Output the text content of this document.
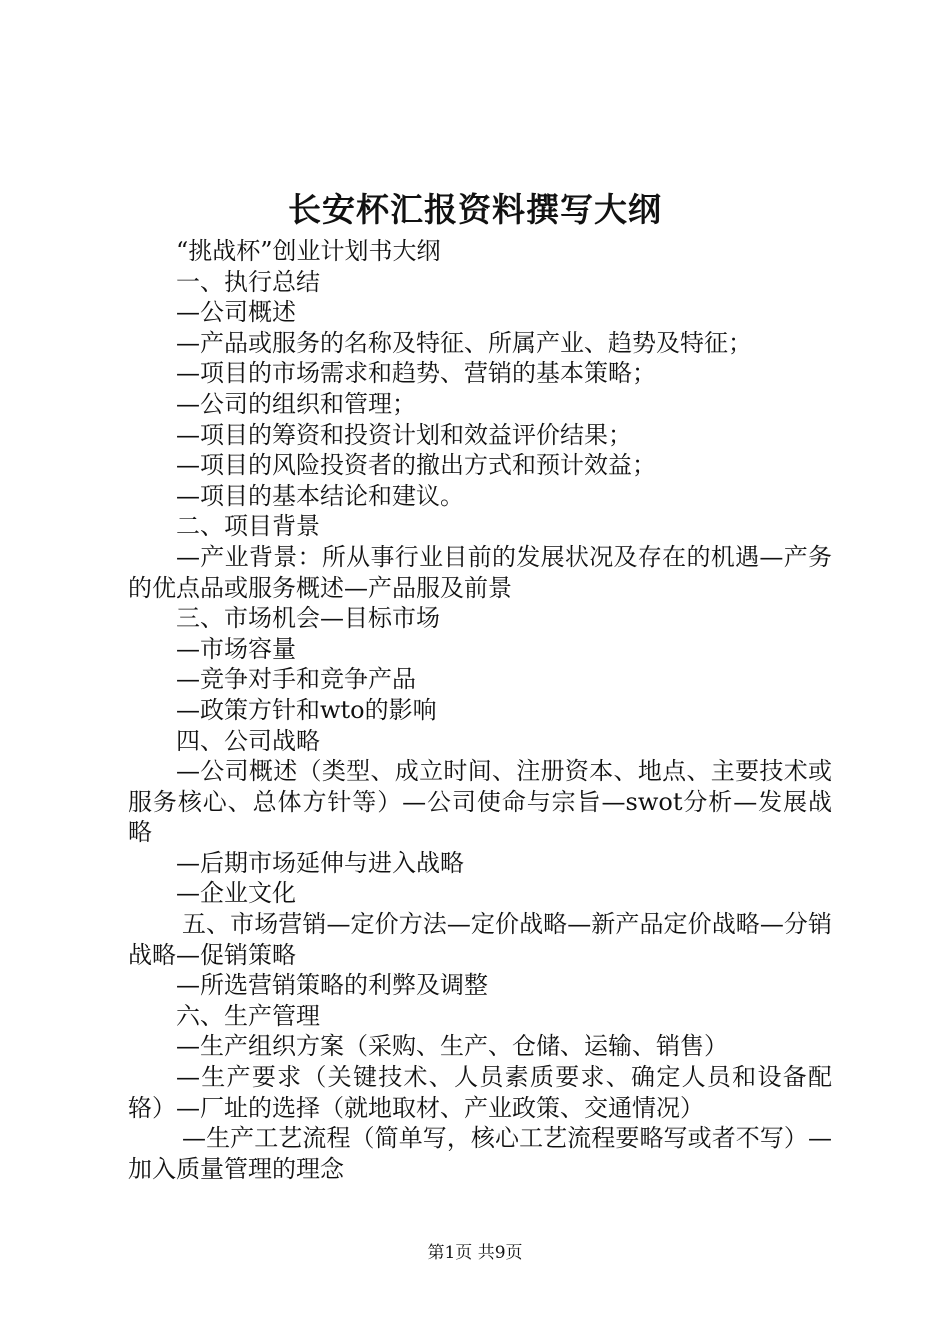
长安杯汇报资料撰写大纲

“挑战杯”创业计划书大纲

一、执行总结

—公司概述

—产品或服务的名称及特征、所属产业、趋势及特征；

—项目的市场需求和趋势、营销的基本策略；

—公司的组织和管理；

—项目的筹资和投资计划和效益评价结果；

—项目的风险投资者的撤出方式和预计效益；

—项目的基本结论和建议。

二、项目背景

—产业背景：所从事行业目前的发展状况及存在的机遇—产务的优点品或服务概述—产品服及前景

三、市场机会—目标市场

—市场容量

—竞争对手和竞争产品

—政策方针和wto的影响

四、公司战略

—公司概述（类型、成立时间、注册资本、地点、主要技术或服务核心、总体方针等）—公司使命与宗旨—swot分析—发展战略

—后期市场延伸与进入战略

—企业文化

五、市场营销—定价方法—定价战略—新产品定价战略—分销战略—促销策略

—所选营销策略的利弊及调整

六、生产管理

—生产组织方案（采购、生产、仓储、运输、销售）

—生产要求（关键技术、人员素质要求、确定人员和设备配辂）—厂址的选择（就地取材、产业政策、交通情况）

—生产工艺流程（简单写，核心工艺流程要略写或者不写）—加入质量管理的理念

第1页 共9页
